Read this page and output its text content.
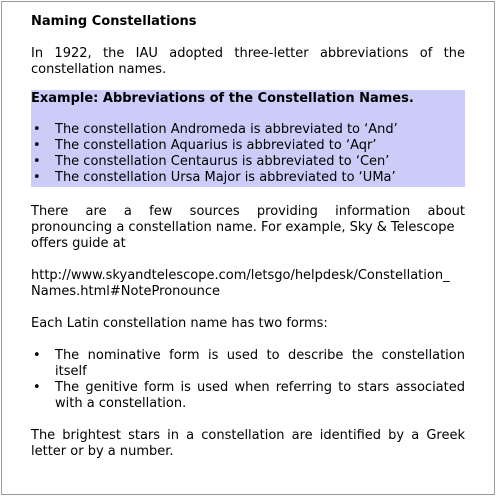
Naming Constellations

In 1922, the IAU adopted three-letter abbreviations of the constellation names.

Example: Abbreviations of the Constellation Names.
• The constellation Andromeda is abbreviated to ‘And’
• The constellation Aquarius is abbreviated to ‘Aqr’
• The constellation Centaurus is abbreviated to ‘Cen’
• The constellation Ursa Major is abbreviated to ‘UMa’

There are a few sources providing information about

pronouncing a constellation name. For example, Sky & Telescope offers guide at

http://www.skyandtelescope.com/letsgo/helpdesk/Constellation_

Names.html#NotePronounce

Each Latin constellation name has two forms:

• The nominative form is used to describe the constellation itself
• The genitive form is used when referring to stars associated with a constellation.

The brightest stars in a constellation are identified by a Greek letter or by a number.
